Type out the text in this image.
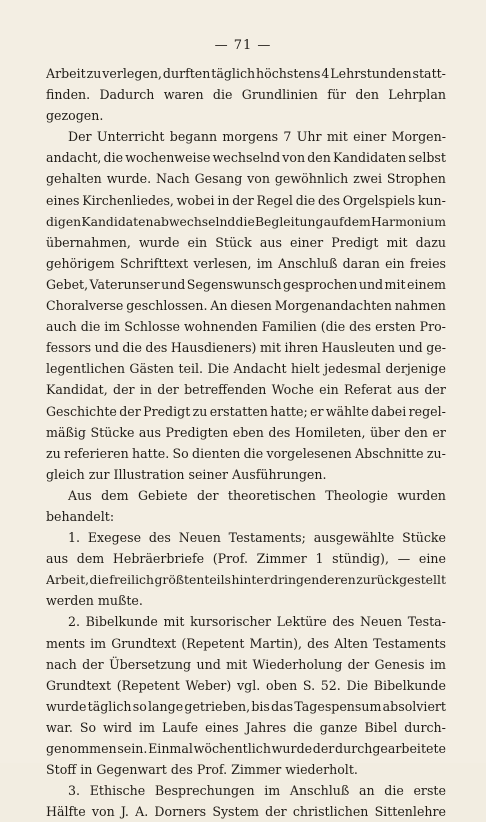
— 71 —
Arbeit zu verlegen, durften täglich höchstens 4 Lehrstunden statt-
finden. Dadurch waren die Grundlinien für den Lehrplan
gezogen.
Der Unterricht begann morgens 7 Uhr mit einer Morgen-
andacht, die wochenweise wechselnd von den Kandidaten selbst
gehalten wurde. Nach Gesang von gewöhnlich zwei Strophen
eines Kirchenliedes, wobei in der Regel die des Orgelspiels kun-
digen Kandidaten abwechselnd die Begleitung auf dem Harmonium
übernahmen, wurde ein Stück aus einer Predigt mit dazu
gehörigem Schrifttext verlesen, im Anschluß daran ein freies
Gebet, Vaterunser und Segenswunsch gesprochen und mit einem
Choralverse geschlossen. An diesen Morgenandachten nahmen
auch die im Schlosse wohnenden Familien (die des ersten Pro-
fessors und die des Hausdieners) mit ihren Hausleuten und ge-
legentlichen Gästen teil. Die Andacht hielt jedesmal derjenige
Kandidat, der in der betreffenden Woche ein Referat aus der
Geschichte der Predigt zu erstatten hatte; er wählte dabei regel-
mäßig Stücke aus Predigten eben des Homileten, über den er
zu referieren hatte. So dienten die vorgelesenen Abschnitte zu-
gleich zur Illustration seiner Ausführungen.
Aus dem Gebiete der theoretischen Theologie wurden
behandelt:
1. Exegese des Neuen Testaments; ausgewählte Stücke
aus dem Hebräerbriefe (Prof. Zimmer 1 stündig), — eine
Arbeit, die freilich größtenteils hinter dringenderen zurückgestellt
werden mußte.
2. Bibelkunde mit kursorischer Lektüre des Neuen Testa-
ments im Grundtext (Repetent Martin), des Alten Testaments
nach der Übersetzung und mit Wiederholung der Genesis im
Grundtext (Repetent Weber) vgl. oben S. 52. Die Bibelkunde
wurde täglich so lange getrieben, bis das Tagespensum absolviert
war. So wird im Laufe eines Jahres die ganze Bibel durch-
genommen sein. Einmal wöchentlich wurde der durchgearbeitete
Stoff in Gegenwart des Prof. Zimmer wiederholt.
3. Ethische Besprechungen im Anschluß an die erste
Hälfte von J. A. Dorners System der christlichen Sittenlehre
